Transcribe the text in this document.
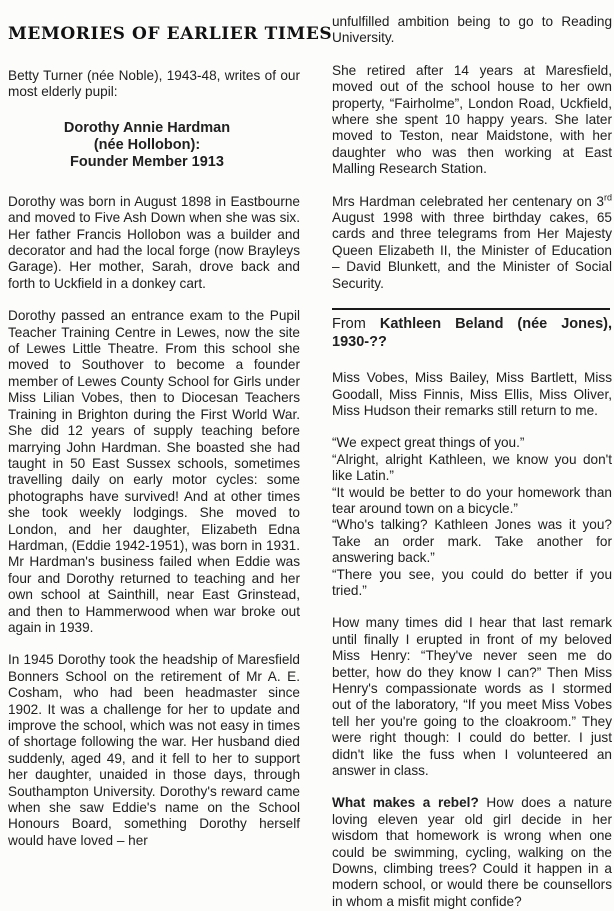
MEMORIES OF EARLIER TIMES

Betty Turner (née Noble), 1943-48, writes of our most elderly pupil:

Dorothy Annie Hardman
(née Hollobon):
Founder Member 1913

Dorothy was born in August 1898 in Eastbourne and moved to Five Ash Down when she was six. Her father Francis Hollobon was a builder and decorator and had the local forge (now Brayleys Garage). Her mother, Sarah, drove back and forth to Uckfield in a donkey cart.

Dorothy passed an entrance exam to the Pupil Teacher Training Centre in Lewes, now the site of Lewes Little Theatre. From this school she moved to Southover to become a founder member of Lewes County School for Girls under Miss Lilian Vobes, then to Diocesan Teachers Training in Brighton during the First World War. She did 12 years of supply teaching before marrying John Hardman. She boasted she had taught in 50 East Sussex schools, sometimes travelling daily on early motor cycles: some photographs have survived! And at other times she took weekly lodgings. She moved to London, and her daughter, Elizabeth Edna Hardman, (Eddie 1942-1951), was born in 1931. Mr Hardman's business failed when Eddie was four and Dorothy returned to teaching and her own school at Sainthill, near East Grinstead, and then to Hammerwood when war broke out again in 1939.

In 1945 Dorothy took the headship of Maresfield Bonners School on the retirement of Mr A. E. Cosham, who had been headmaster since 1902. It was a challenge for her to update and improve the school, which was not easy in times of shortage following the war. Her husband died suddenly, aged 49, and it fell to her to support her daughter, unaided in those days, through Southampton University. Dorothy's reward came when she saw Eddie's name on the School Honours Board, something Dorothy herself would have loved – her

unfulfilled ambition being to go to Reading University.

She retired after 14 years at Maresfield, moved out of the school house to her own property, “Fairholme”, London Road, Uckfield, where she spent 10 happy years. She later moved to Teston, near Maidstone, with her daughter who was then working at East Malling Research Station.

Mrs Hardman celebrated her centenary on 3rd August 1998 with three birthday cakes, 65 cards and three telegrams from Her Majesty Queen Elizabeth II, the Minister of Education – David Blunkett, and the Minister of Social Security.

From Kathleen Beland (née Jones), 1930-??

Miss Vobes, Miss Bailey, Miss Bartlett, Miss Goodall, Miss Finnis, Miss Ellis, Miss Oliver, Miss Hudson their remarks still return to me.

“We expect great things of you.”

“Alright, alright Kathleen, we know you don't like Latin.”

“It would be better to do your homework than tear around town on a bicycle.”

“Who's talking? Kathleen Jones was it you? Take an order mark. Take another for answering back.”

“There you see, you could do better if you tried.”

How many times did I hear that last remark until finally I erupted in front of my beloved Miss Henry: “They've never seen me do better, how do they know I can?” Then Miss Henry's compassionate words as I stormed out of the laboratory, “If you meet Miss Vobes tell her you're going to the cloakroom.” They were right though: I could do better. I just didn't like the fuss when I volunteered an answer in class.

What makes a rebel? How does a nature loving eleven year old girl decide in her wisdom that homework is wrong when one could be swimming, cycling, walking on the Downs, climbing trees? Could it happen in a modern school, or would there be counsellors in whom a misfit might confide?
